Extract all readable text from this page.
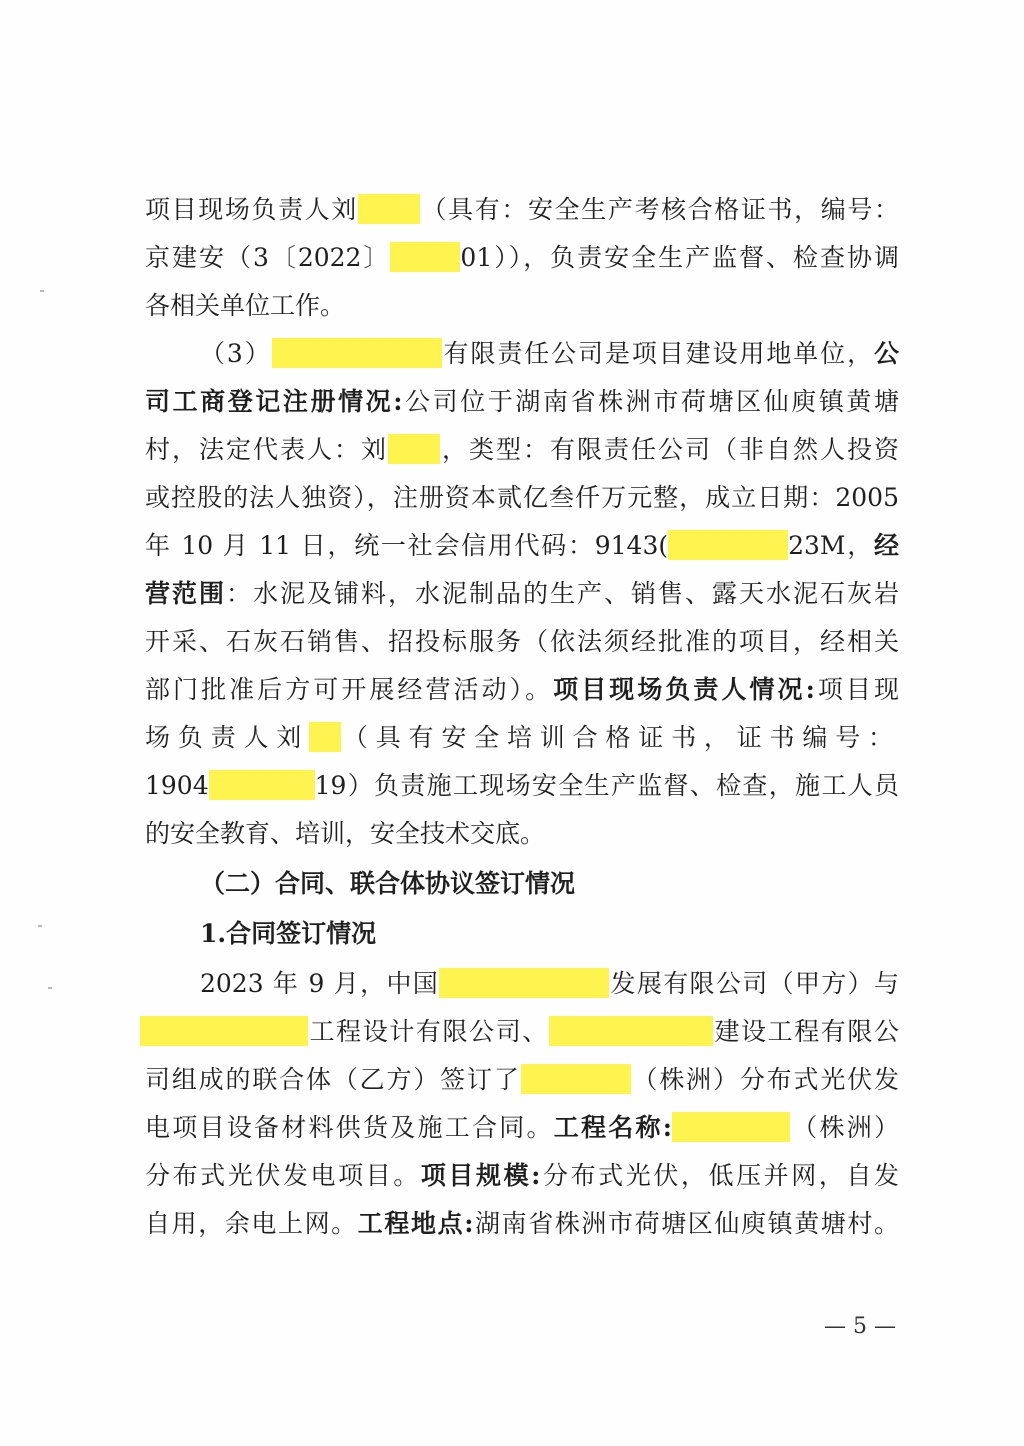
项目现场负责人刘 （具有：安全生产考核合格证书，编号：
京建安（3〔2022〕	01）），负责安全生产监督、检查协调
各相关单位工作。
（3）	有限责任公司是项目建设用地单位，公
司工商登记注册情况:公司位于湖南省株洲市荷塘区仙庾镇黄塘
村，法定代表人：刘 ，类型：有限责任公司（非自然人投资
或控股的法人独资），注册资本贰亿叁仟万元整，成立日期：2005
年 10 月 11 日，统一社会信用代码：9143(	23M，经
营范围：水泥及铺料，水泥制品的生产、销售、露天水泥石灰岩
开采、石灰石销售、招投标服务（依法须经批准的项目，经相关
部门批准后方可开展经营活动）。项目现场负责人情况:项目现
场负责人刘 （具有安全培训合格证书，证书编号：
1904	19）负责施工现场安全生产监督、检查，施工人员
的安全教育、培训，安全技术交底。
（二）合同、联合体协议签订情况
1.合同签订情况
2023 年 9 月，中国	发展有限公司（甲方）与
工程设计有限公司、	建设工程有限公
司组成的联合体（乙方）签订了	（株洲）分布式光伏发
电项目设备材料供货及施工合同。工程名称:	（株洲）
分布式光伏发电项目。项目规模:分布式光伏，低压并网，自发
自用，余电上网。工程地点:湖南省株洲市荷塘区仙庾镇黄塘村。
— 5 —
